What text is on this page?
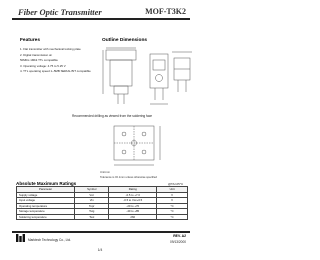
Fiber Optic Transmitter	MOF-T3K2
Features
1. Flat transmitter with mechanical locking plate
2. Digital transmission at:
50Mb/s 1Mbit TTL compatible
3. Operating voltage: 4.75 to 5.25 V
4. TTL operating speed 1~5MB SERIAL BIT compatible
Outline Dimensions
Recommended drilling as viewed from the soldering face
Unit:mm
Tolerance is ±0.1mm unless otherwise specified
Absolute Maximum Ratings	@TA=25°C
Parameter	Symbol	Rating	Unit
Supply voltage	Vcc	-0.5 to +7.0	V
Input voltage	Vin	-0.5 to Vcc+0.5	V
Operating temperature	Topr	-20 to +70	°C
Storage temperature	Tstg	-40 to +85	°C
Soldering temperature	Tsol	260	°C
Marktech Technology Co., Ltd.
REV. A2
09/13/2000
1/4
